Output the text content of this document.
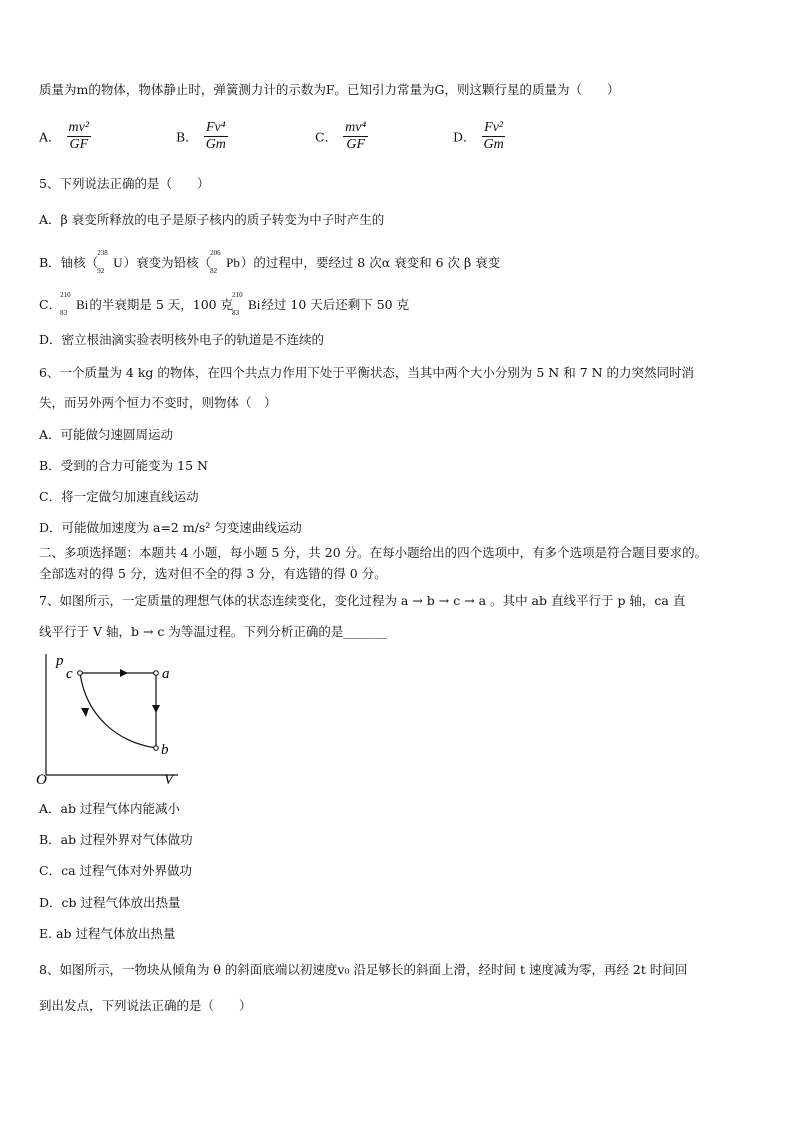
质量为m的物体，物体静止时，弹簧测力计的示数为F。已知引力常量为G，则这颗行星的质量为（　　）
A． $\frac{\text{mv²}}{GF}$	B． $\frac{\text{Fv⁴}}{Gm}$	C． $\frac{\text{mv⁴}}{GF}$	D． $\frac{\text{Fv²}}{Gm}$
5、下列说法正确的是（　　）
A．β 衰变所释放的电子是原子核内的质子转变为中子时产生的
B．铀核（
238
92
U）衰变为铅核（
206
82
Pb）的过程中，要经过 8 次α 衰变和 6 次 β 衰变
C．
210
83
Bi的半衰期是 5 天，100 克
210
83
Bi经过 10 天后还剩下 50 克
D．密立根油滴实验表明核外电子的轨道是不连续的
6、一个质量为 4 kg 的物体，在四个共点力作用下处于平衡状态，当其中两个大小分别为 5 N 和 7 N 的力突然同时消
失，而另外两个恒力不变时，则物体（　）
A．可能做匀速圆周运动
B．受到的合力可能变为 15 N
C．将一定做匀加速直线运动
D．可能做加速度为 a=2 m/s² 匀变速曲线运动
二、多项选择题：本题共 4 小题，每小题 5 分，共 20 分。在每小题给出的四个选项中，有多个选项是符合题目要求的。
全部选对的得 5 分，选对但不全的得 3 分，有选错的得 0 分。
7、如图所示，一定质量的理想气体的状态连续变化，变化过程为 a → b → c → a 。其中 ab 直线平行于 p 轴，ca 直
线平行于 V 轴，b → c 为等温过程。下列分析正确的是_______
p
V
O
c	a
b
A．ab 过程气体内能减小
B．ab 过程外界对气体做功
C．ca 过程气体对外界做功
D．cb 过程气体放出热量
E. ab 过程气体放出热量
8、如图所示，一物块从倾角为 θ 的斜面底端以初速度v₀ 沿足够长的斜面上滑，经时间 t 速度减为零，再经 2t 时间回
到出发点，下列说法正确的是（　　）
